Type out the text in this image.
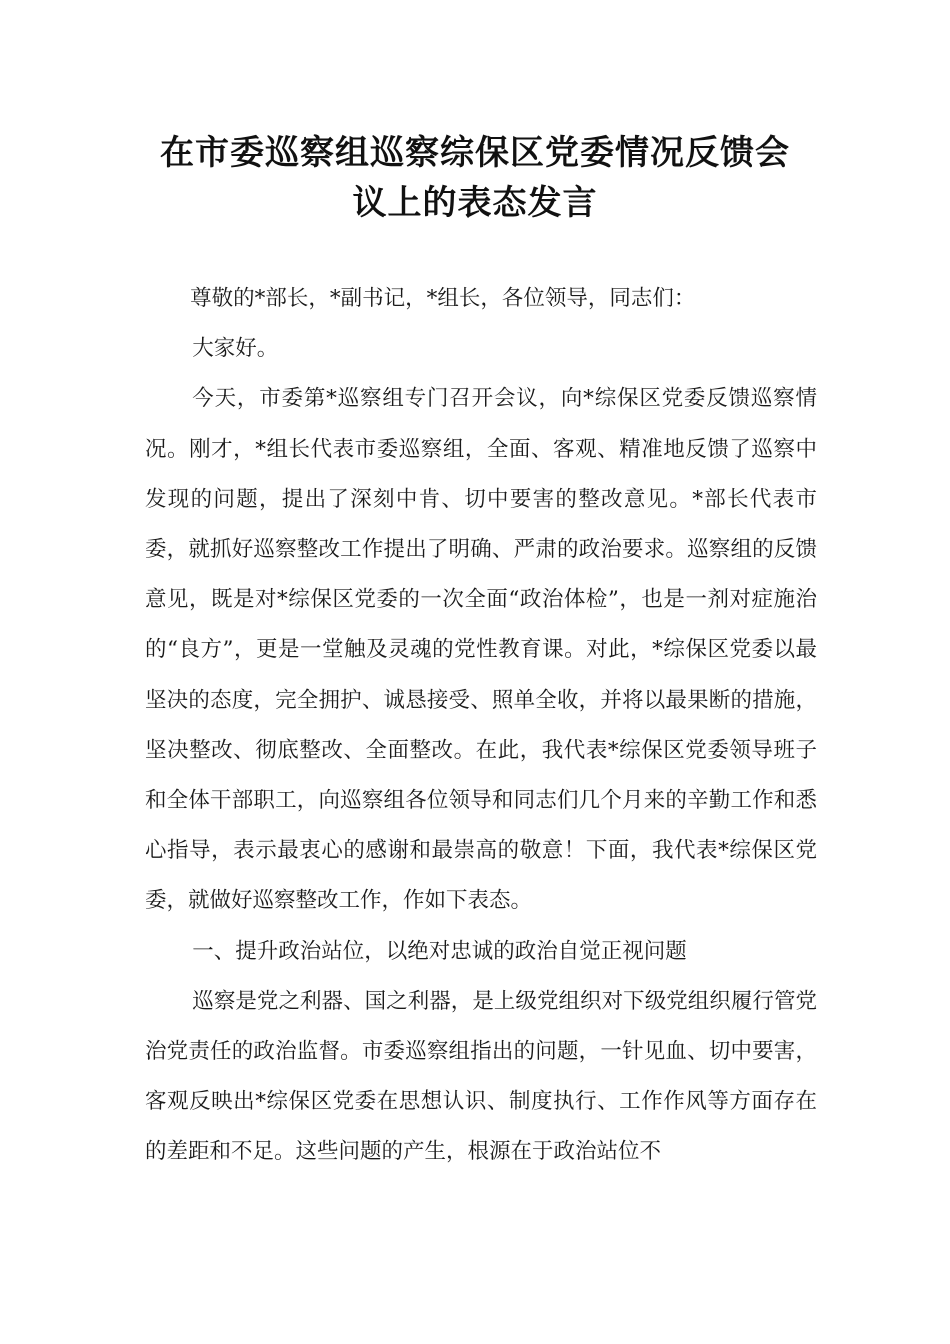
在市委巡察组巡察综保区党委情况反馈会
议上的表态发言

尊敬的*部长，*副书记，*组长，各位领导，同志们：

大家好。

今天，市委第*巡察组专门召开会议，向*综保区党委反馈巡察情况。刚才，*组长代表市委巡察组，全面、客观、精准地反馈了巡察中发现的问题，提出了深刻中肯、切中要害的整改意见。*部长代表市委，就抓好巡察整改工作提出了明确、严肃的政治要求。巡察组的反馈意见，既是对*综保区党委的一次全面“政治体检”，也是一剂对症施治的“良方”，更是一堂触及灵魂的党性教育课。对此，*综保区党委以最坚决的态度，完全拥护、诚恳接受、照单全收，并将以最果断的措施，坚决整改、彻底整改、全面整改。在此，我代表*综保区党委领导班子和全体干部职工，向巡察组各位领导和同志们几个月来的辛勤工作和悉心指导，表示最衷心的感谢和最崇高的敬意！下面，我代表*综保区党委，就做好巡察整改工作，作如下表态。

一、提升政治站位，以绝对忠诚的政治自觉正视问题

巡察是党之利器、国之利器，是上级党组织对下级党组织履行管党治党责任的政治监督。市委巡察组指出的问题，一针见血、切中要害，客观反映出*综保区党委在思想认识、制度执行、工作作风等方面存在的差距和不足。这些问题的产生，根源在于政治站位不
